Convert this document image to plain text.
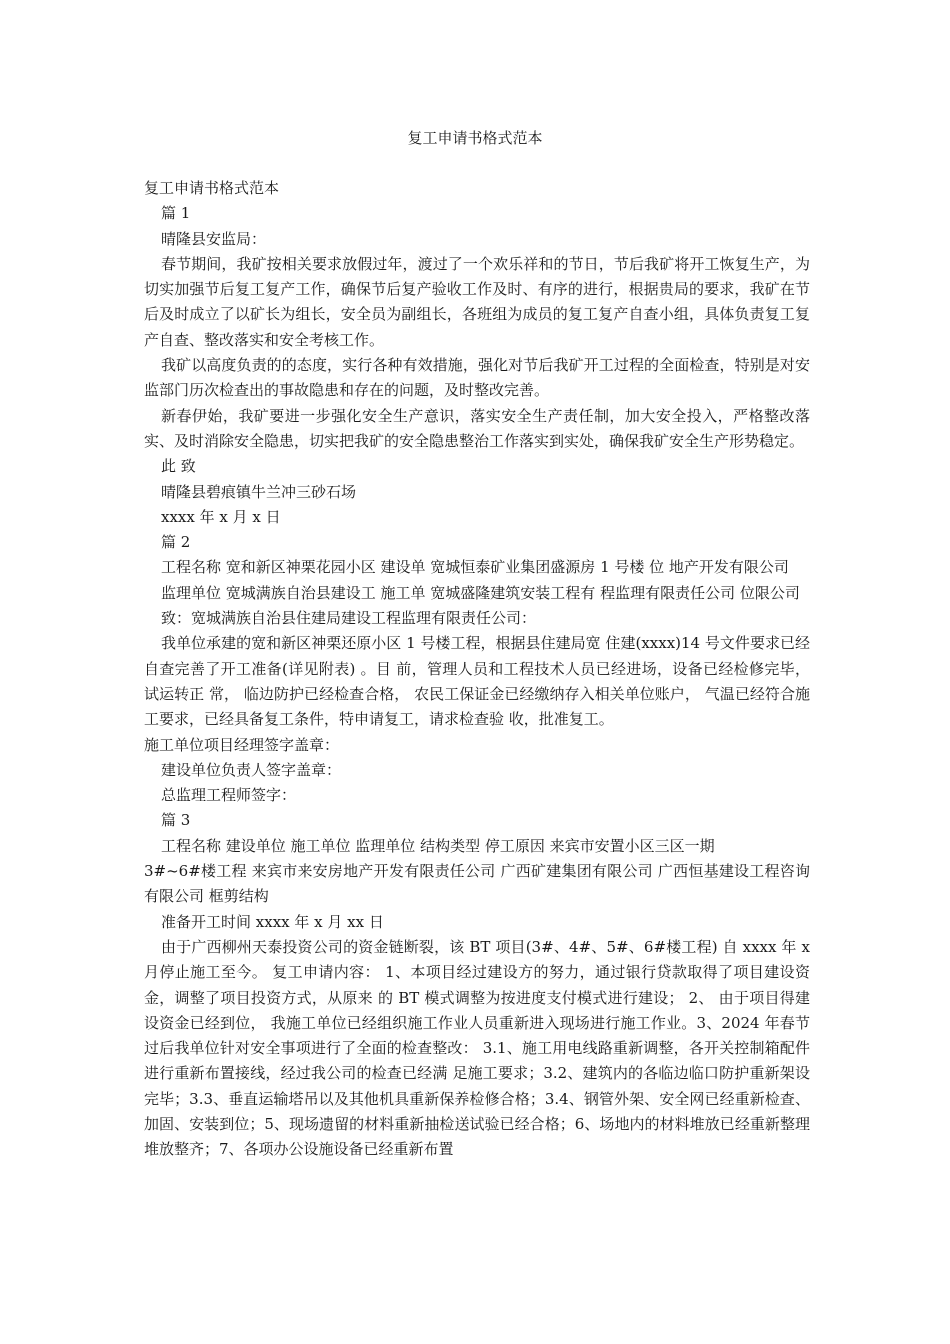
复工申请书格式范本

复工申请书格式范本

篇 1

晴隆县安监局：

春节期间，我矿按相关要求放假过年，渡过了一个欢乐祥和的节日，节后我矿将开工恢复生产，为切实加强节后复工复产工作，确保节后复产验收工作及时、有序的进行，根据贵局的要求，我矿在节后及时成立了以矿长为组长，安全员为副组长，各班组为成员的复工复产自查小组，具体负责复工复产自查、整改落实和安全考核工作。

我矿以高度负责的的态度，实行各种有效措施，强化对节后我矿开工过程的全面检查，特别是对安监部门历次检查出的事故隐患和存在的问题，及时整改完善。

新春伊始，我矿要进一步强化安全生产意识，落实安全生产责任制，加大安全投入，严格整改落实、及时消除安全隐患，切实把我矿的安全隐患整治工作落实到实处，确保我矿安全生产形势稳定。

此 致

晴隆县碧痕镇牛兰冲三砂石场

xxxx 年 x 月 x 日

篇 2

工程名称 宽和新区神栗花园小区 建设单 宽城恒泰矿业集团盛源房 1 号楼 位 地产开发有限公司

监理单位 宽城满族自治县建设工 施工单 宽城盛隆建筑安装工程有 程监理有限责任公司 位限公司

致：宽城满族自治县住建局建设工程监理有限责任公司：

我单位承建的宽和新区神栗还原小区 1 号楼工程，根据县住建局宽 住建(xxxx)14 号文件要求已经自查完善了开工准备(详见附表) 。目 前，管理人员和工程技术人员已经进场，设备已经检修完毕，试运转正 常， 临边防护已经检查合格， 农民工保证金已经缴纳存入相关单位账户， 气温已经符合施工要求，已经具备复工条件，特申请复工，请求检查验 收，批准复工。

施工单位项目经理签字盖章：

建设单位负责人签字盖章：

总监理工程师签字：

篇 3

工程名称 建设单位 施工单位 监理单位 结构类型 停工原因 来宾市安置小区三区一期

3#~6#楼工程 来宾市来安房地产开发有限责任公司 广西矿建集团有限公司 广西恒基建设工程咨询有限公司 框剪结构

准备开工时间 xxxx 年 x 月 xx 日

由于广西柳州天泰投资公司的资金链断裂，该 BT 项目(3#、4#、5#、6#楼工程) 自 xxxx 年 x 月停止施工至今。 复工申请内容： 1、本项目经过建设方的努力，通过银行贷款取得了项目建设资金，调整了项目投资方式，从原来 的 BT 模式调整为按进度支付模式进行建设； 2、 由于项目得建设资金已经到位， 我施工单位已经组织施工作业人员重新进入现场进行施工作业。3、2024 年春节过后我单位针对安全事项进行了全面的检查整改： 3.1、施工用电线路重新调整，各开关控制箱配件进行重新布置接线，经过我公司的检查已经满 足施工要求；3.2、建筑内的各临边临口防护重新架设完毕；3.3、垂直运输塔吊以及其他机具重新保养检修合格；3.4、钢管外架、安全网已经重新检查、加固、安装到位；5、现场遗留的材料重新抽检送试验已经合格；6、场地内的材料堆放已经重新整理堆放整齐；7、各项办公设施设备已经重新布置
